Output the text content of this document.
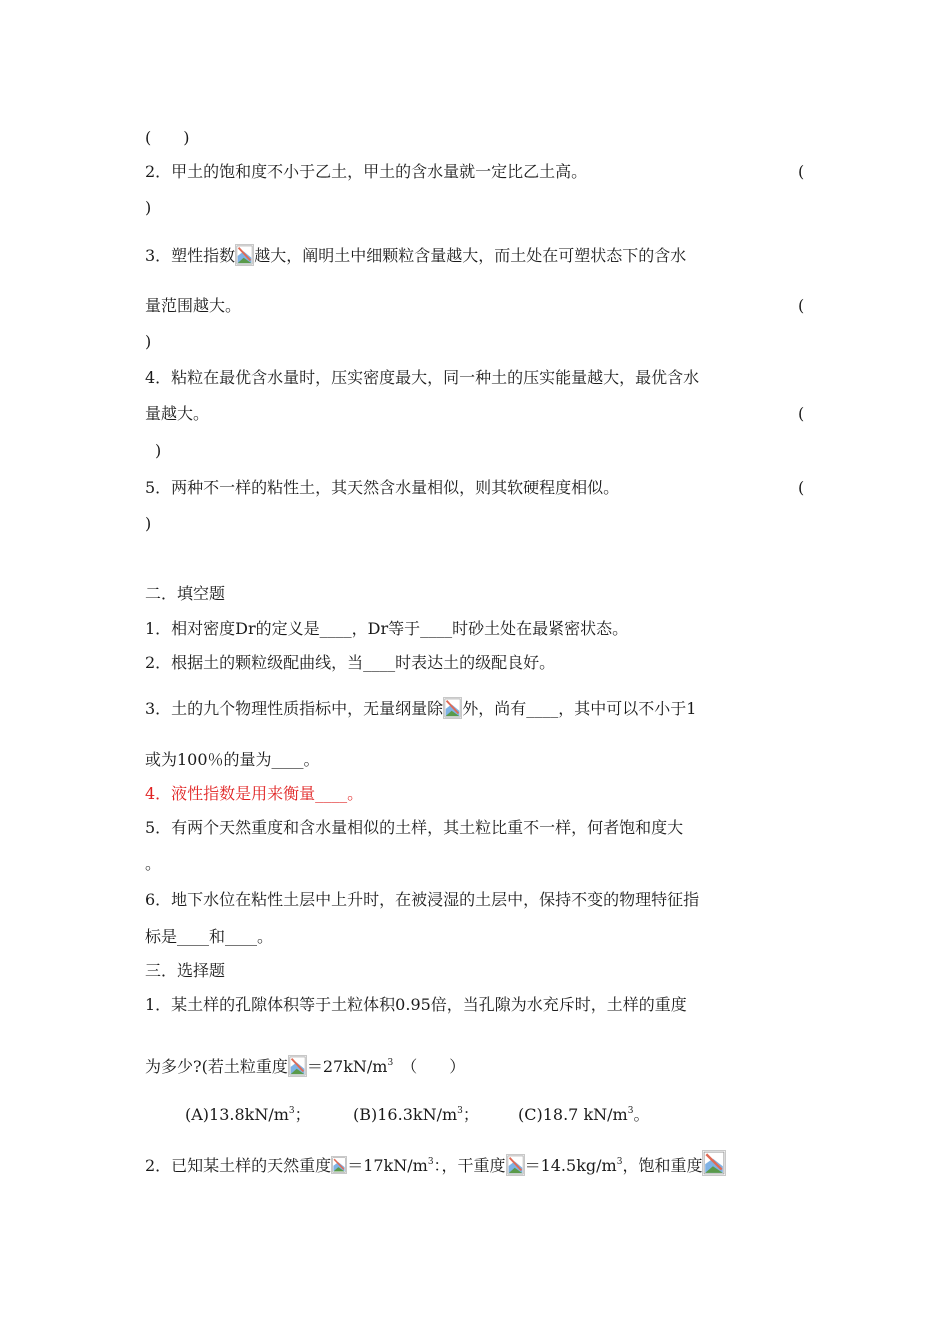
(　　)
2．甲土的饱和度不小于乙土，甲土的含水量就一定比乙土高。	(
)
3．塑性指数 越大，阐明土中细颗粒含量越大，而土处在可塑状态下的含水
量范围越大。	(
)
4．粘粒在最优含水量时，压实密度最大，同一种土的压实能量越大，最优含水
量越大。	(
)
5．两种不一样的粘性土，其天然含水量相似，则其软硬程度相似。	(
)
二．填空题
1．相对密度Dr的定义是____，Dr等于____时砂土处在最紧密状态。
2．根据土的颗粒级配曲线，当____时表达土的级配良好。
3．土的九个物理性质指标中，无量纲量除 外，尚有____，其中可以不小于1
或为100％的量为____。
4．液性指数是用来衡量____。
5．有两个天然重度和含水量相似的土样，其土粒比重不一样，何者饱和度大
。
6．地下水位在粘性土层中上升时，在被浸湿的土层中，保持不变的物理特征指
标是____和____。
三．选择题
1．某土样的孔隙体积等于土粒体积0.95倍，当孔隙为水充斥时，土样的重度
为多少?(若土粒重度 $=27kN/m^3$ （　　）
$(A)13.8kN/m^3$；	$(B)16.3kN/m^3$； (C)18.7 $kN/m^3$。
2．已知某土样的天然重度 $=17kN/m^3$：，干重度 $=14.5kg/m^3$，饱和重度
